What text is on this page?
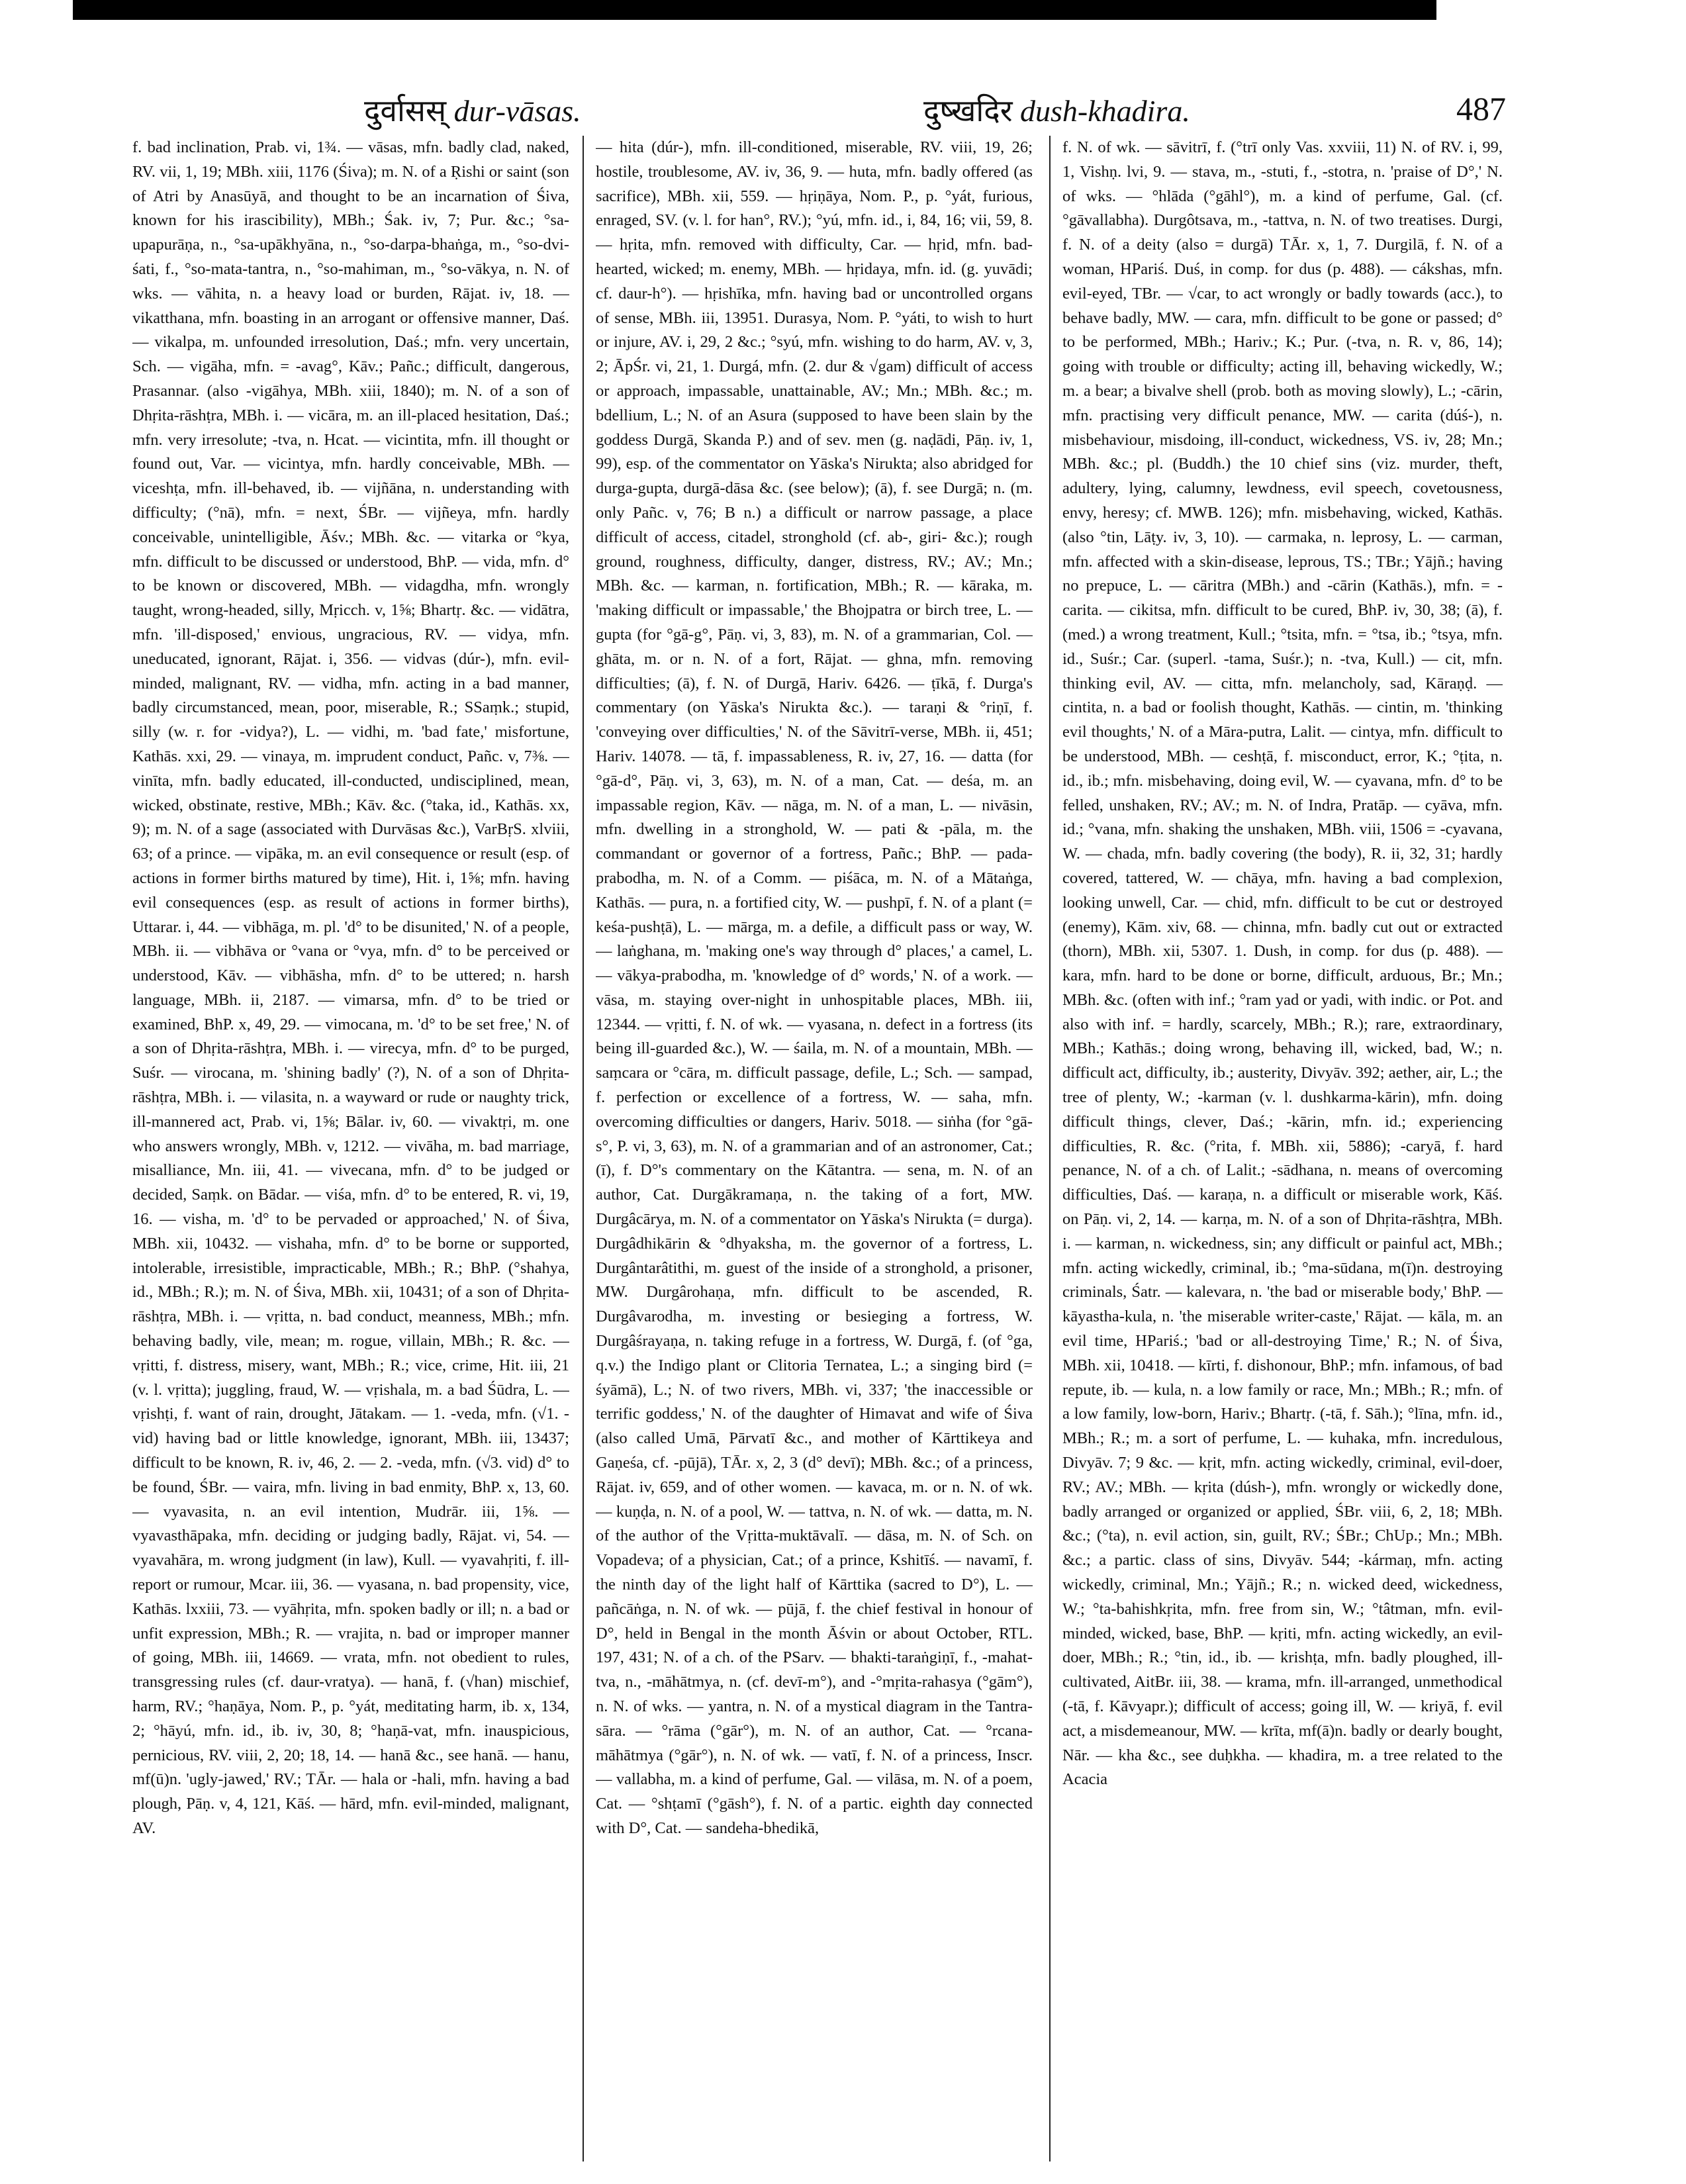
दुर्वासस् dur-vāsas.	दुष्खदिर dush-khadira.	487

f. bad inclination, Prab. vi, 1¾. — vāsas, mfn. badly clad, naked, RV. vii, 1, 19; MBh. xiii, 1176 (Śiva); m. N. of a Ṛishi or saint (son of Atri by Anasūyā, and thought to be an incarnation of Śiva, known for his irascibility), MBh.; Śak. iv, 7; Pur. &c.; °sa-upapurāṇa, n., °sa-upākhyāna, n., °so-darpa-bhaṅga, m., °so-dvi-śati, f., °so-mata-tantra, n., °so-mahiman, m., °so-vākya, n. N. of wks. — vāhita, n. a heavy load or burden, Rājat. iv, 18. — vikatthana, mfn. boasting in an arrogant or offensive manner, Daś. — vikalpa, m. unfounded irresolution, Daś.; mfn. very uncertain, Sch. — vigāha, mfn. = -avag°, Kāv.; Pañc.; difficult, dangerous, Prasannar. (also -vigāhya, MBh. xiii, 1840); m. N. of a son of Dhṛita-rāshṭra, MBh. i. — vicāra, m. an ill-placed hesitation, Daś.; mfn. very irresolute; -tva, n. Hcat. — vicintita, mfn. ill thought or found out, Var. — vicintya, mfn. hardly conceivable, MBh. — viceshṭa, mfn. ill-behaved, ib. — vijñāna, n. understanding with difficulty; (°nā), mfn. = next, ŚBr. — vijñeya, mfn. hardly conceivable, unintelligible, Āśv.; MBh. &c. — vitarka or °kya, mfn. difficult to be discussed or understood, BhP. — vida, mfn. d° to be known or discovered, MBh. — vidagdha, mfn. wrongly taught, wrong-headed, silly, Mṛicch. v, 1⅝; Bhartṛ. &c. — vidātra, mfn. 'ill-disposed,' envious, ungracious, RV. — vidya, mfn. uneducated, ignorant, Rājat. i, 356. — vidvas (dúr-), mfn. evil-minded, malignant, RV. — vidha, mfn. acting in a bad manner, badly circumstanced, mean, poor, miserable, R.; SSaṃk.; stupid, silly (w. r. for -vidya?), L. — vidhi, m. 'bad fate,' misfortune, Kathās. xxi, 29. — vinaya, m. imprudent conduct, Pañc. v, 7⅜. — vinīta, mfn. badly educated, ill-conducted, undisciplined, mean, wicked, obstinate, restive, MBh.; Kāv. &c. (°taka, id., Kathās. xx, 9); m. N. of a sage (associated with Durvāsas &c.), VarBṛS. xlviii, 63; of a prince. — vipāka, m. an evil consequence or result (esp. of actions in former births matured by time), Hit. i, 1⅝; mfn. having evil consequences (esp. as result of actions in former births), Uttarar. i, 44. — vibhāga, m. pl. 'd° to be disunited,' N. of a people, MBh. ii. — vibhāva or °vana or °vya, mfn. d° to be perceived or understood, Kāv. — vibhāsha, mfn. d° to be uttered; n. harsh language, MBh. ii, 2187. — vimarsa, mfn. d° to be tried or examined, BhP. x, 49, 29. — vimocana, m. 'd° to be set free,' N. of a son of Dhṛita-rāshṭra, MBh. i. — virecya, mfn. d° to be purged, Suśr. — virocana, m. 'shining badly' (?), N. of a son of Dhṛita-rāshṭra, MBh. i. — vilasita, n. a wayward or rude or naughty trick, ill-mannered act, Prab. vi, 1⅝; Bālar. iv, 60. — vivaktṛi, m. one who answers wrongly, MBh. v, 1212. — vivāha, m. bad marriage, misalliance, Mn. iii, 41. — vivecana, mfn. d° to be judged or decided, Saṃk. on Bādar. — viśa, mfn. d° to be entered, R. vi, 19, 16. — visha, m. 'd° to be pervaded or approached,' N. of Śiva, MBh. xii, 10432. — vishaha, mfn. d° to be borne or supported, intolerable, irresistible, impracticable, MBh.; R.; BhP. (°shahya, id., MBh.; R.); m. N. of Śiva, MBh. xii, 10431; of a son of Dhṛita-rāshṭra, MBh. i. — vṛitta, n. bad conduct, meanness, MBh.; mfn. behaving badly, vile, mean; m. rogue, villain, MBh.; R. &c. — vṛitti, f. distress, misery, want, MBh.; R.; vice, crime, Hit. iii, 21 (v. l. vṛitta); juggling, fraud, W. — vṛishala, m. a bad Śūdra, L. — vṛishṭi, f. want of rain, drought, Jātakam. — 1. -veda, mfn. (√1. -vid) having bad or little knowledge, ignorant, MBh. iii, 13437; difficult to be known, R. iv, 46, 2. — 2. -veda, mfn. (√3. vid) d° to be found, ŚBr. — vaira, mfn. living in bad enmity, BhP. x, 13, 60. — vyavasita, n. an evil intention, Mudrār. iii, 1⅝. — vyavasthāpaka, mfn. deciding or judging badly, Rājat. vi, 54. — vyavahāra, m. wrong judgment (in law), Kull. — vyavahṛiti, f. ill-report or rumour, Mcar. iii, 36. — vyasana, n. bad propensity, vice, Kathās. lxxiii, 73. — vyāhṛita, mfn. spoken badly or ill; n. a bad or unfit expression, MBh.; R. — vrajita, n. bad or improper manner of going, MBh. iii, 14669. — vrata, mfn. not obedient to rules, transgressing rules (cf. daur-vratya). — hanā, f. (√han) mischief, harm, RV.; °haṇāya, Nom. P., p. °yát, meditating harm, ib. x, 134, 2; °hāyú, mfn. id., ib. iv, 30, 8; °haṇā-vat, mfn. inauspicious, pernicious, RV. viii, 2, 20; 18, 14. — hanā &c., see hanā. — hanu, mf(ū)n. 'ugly-jawed,' RV.; TĀr. — hala or -hali, mfn. having a bad plough, Pāṇ. v, 4, 121, Kāś. — hārd, mfn. evil-minded, malignant, AV.

— hita (dúr-), mfn. ill-conditioned, miserable, RV. viii, 19, 26; hostile, troublesome, AV. iv, 36, 9. — huta, mfn. badly offered (as sacrifice), MBh. xii, 559. — hṛiṇāya, Nom. P., p. °yát, furious, enraged, SV. (v. l. for han°, RV.); °yú, mfn. id., i, 84, 16; vii, 59, 8. — hṛita, mfn. removed with difficulty, Car. — hṛid, mfn. bad-hearted, wicked; m. enemy, MBh. — hṛidaya, mfn. id. (g. yuvādi; cf. daur-h°). — hṛishīka, mfn. having bad or uncontrolled organs of sense, MBh. iii, 13951. Durasya, Nom. P. °yáti, to wish to hurt or injure, AV. i, 29, 2 &c.; °syú, mfn. wishing to do harm, AV. v, 3, 2; ĀpŚr. vi, 21, 1. Durgá, mfn. (2. dur & √gam) difficult of access or approach, impassable, unattainable, AV.; Mn.; MBh. &c.; m. bdellium, L.; N. of an Asura (supposed to have been slain by the goddess Durgā, Skanda P.) and of sev. men (g. naḍādi, Pāṇ. iv, 1, 99), esp. of the commentator on Yāska's Nirukta; also abridged for durga-gupta, durgā-dāsa &c. (see below); (ā), f. see Durgā; n. (m. only Pañc. v, 76; B n.) a difficult or narrow passage, a place difficult of access, citadel, stronghold (cf. ab-, giri- &c.); rough ground, roughness, difficulty, danger, distress, RV.; AV.; Mn.; MBh. &c. — karman, n. fortification, MBh.; R. — kāraka, m. 'making difficult or impassable,' the Bhojpatra or birch tree, L. — gupta (for °gā-g°, Pāṇ. vi, 3, 83), m. N. of a grammarian, Col. — ghāta, m. or n. N. of a fort, Rājat. — ghna, mfn. removing difficulties; (ā), f. N. of Durgā, Hariv. 6426. — ṭīkā, f. Durga's commentary (on Yāska's Nirukta &c.). — taraṇi & °riṇī, f. 'conveying over difficulties,' N. of the Sāvitrī-verse, MBh. ii, 451; Hariv. 14078. — tā, f. impassableness, R. iv, 27, 16. — datta (for °gā-d°, Pāṇ. vi, 3, 63), m. N. of a man, Cat. — deśa, m. an impassable region, Kāv. — nāga, m. N. of a man, L. — nivāsin, mfn. dwelling in a stronghold, W. — pati & -pāla, m. the commandant or governor of a fortress, Pañc.; BhP. — pada-prabodha, m. N. of a Comm. — piśāca, m. N. of a Mātaṅga, Kathās. — pura, n. a fortified city, W. — pushpī, f. N. of a plant (= keśa-pushṭā), L. — mārga, m. a defile, a difficult pass or way, W. — laṅghana, m. 'making one's way through d° places,' a camel, L. — vākya-prabodha, m. 'knowledge of d° words,' N. of a work. — vāsa, m. staying over-night in unhospitable places, MBh. iii, 12344. — vṛitti, f. N. of wk. — vyasana, n. defect in a fortress (its being ill-guarded &c.), W. — śaila, m. N. of a mountain, MBh. — saṃcara or °cāra, m. difficult passage, defile, L.; Sch. — sampad, f. perfection or excellence of a fortress, W. — saha, mfn. overcoming difficulties or dangers, Hariv. 5018. — siṅha (for °gā-s°, P. vi, 3, 63), m. N. of a grammarian and of an astronomer, Cat.; (ī), f. D°'s commentary on the Kātantra. — sena, m. N. of an author, Cat. Durgākramaṇa, n. the taking of a fort, MW. Durgâcārya, m. N. of a commentator on Yāska's Nirukta (= durga). Durgâdhikārin & °dhyaksha, m. the governor of a fortress, L. Durgântarâtithi, m. guest of the inside of a stronghold, a prisoner, MW. Durgârohaṇa, mfn. difficult to be ascended, R. Durgâvarodha, m. investing or besieging a fortress, W. Durgâśrayaṇa, n. taking refuge in a fortress, W. Durgā, f. (of °ga, q.v.) the Indigo plant or Clitoria Ternatea, L.; a singing bird (= śyāmā), L.; N. of two rivers, MBh. vi, 337; 'the inaccessible or terrific goddess,' N. of the daughter of Himavat and wife of Śiva (also called Umā, Pārvatī &c., and mother of Kārttikeya and Gaṇeśa, cf. -pūjā), TĀr. x, 2, 3 (d° devī); MBh. &c.; of a princess, Rājat. iv, 659, and of other women. — kavaca, m. or n. N. of wk. — kuṇḍa, n. N. of a pool, W. — tattva, n. N. of wk. — datta, m. N. of the author of the Vṛitta-muktāvalī. — dāsa, m. N. of Sch. on Vopadeva; of a physician, Cat.; of a prince, Kshitīś. — navamī, f. the ninth day of the light half of Kārttika (sacred to D°), L. — pañcāṅga, n. N. of wk. — pūjā, f. the chief festival in honour of D°, held in Bengal in the month Āśvin or about October, RTL. 197, 431; N. of a ch. of the PSarv. — bhakti-taraṅgiṇī, f., -mahat-tva, n., -māhātmya, n. (cf. devī-m°), and -°mṛita-rahasya (°gām°), n. N. of wks. — yantra, n. N. of a mystical diagram in the Tantra-sāra. — °rāma (°gār°), m. N. of an author, Cat. — °rcana-māhātmya (°gār°), n. N. of wk. — vatī, f. N. of a princess, Inscr. — vallabha, m. a kind of perfume, Gal. — vilāsa, m. N. of a poem, Cat. — °shṭamī (°gāsh°), f. N. of a partic. eighth day connected with D°, Cat. — sandeha-bhedikā,

f. N. of wk. — sāvitrī, f. (°trī only Vas. xxviii, 11) N. of RV. i, 99, 1, Vishṇ. lvi, 9. — stava, m., -stuti, f., -stotra, n. 'praise of D°,' N. of wks. — °hlāda (°gāhl°), m. a kind of perfume, Gal. (cf. °gāvallabha). Durgôtsava, m., -tattva, n. N. of two treatises. Durgi, f. N. of a deity (also = durgā) TĀr. x, 1, 7. Durgilā, f. N. of a woman, HPariś. Duś, in comp. for dus (p. 488). — cákshas, mfn. evil-eyed, TBr. — √car, to act wrongly or badly towards (acc.), to behave badly, MW. — cara, mfn. difficult to be gone or passed; d° to be performed, MBh.; Hariv.; K.; Pur. (-tva, n. R. v, 86, 14); going with trouble or difficulty; acting ill, behaving wickedly, W.; m. a bear; a bivalve shell (prob. both as moving slowly), L.; -cārin, mfn. practising very difficult penance, MW. — carita (dúś-), n. misbehaviour, misdoing, ill-conduct, wickedness, VS. iv, 28; Mn.; MBh. &c.; pl. (Buddh.) the 10 chief sins (viz. murder, theft, adultery, lying, calumny, lewdness, evil speech, covetousness, envy, heresy; cf. MWB. 126); mfn. misbehaving, wicked, Kathās. (also °tin, Lāṭy. iv, 3, 10). — carmaka, n. leprosy, L. — carman, mfn. affected with a skin-disease, leprous, TS.; TBr.; Yājñ.; having no prepuce, L. — cāritra (MBh.) and -cārin (Kathās.), mfn. = -carita. — cikitsa, mfn. difficult to be cured, BhP. iv, 30, 38; (ā), f. (med.) a wrong treatment, Kull.; °tsita, mfn. = °tsa, ib.; °tsya, mfn. id., Suśr.; Car. (superl. -tama, Suśr.); n. -tva, Kull.) — cit, mfn. thinking evil, AV. — citta, mfn. melancholy, sad, Kāraṇḍ. — cintita, n. a bad or foolish thought, Kathās. — cintin, m. 'thinking evil thoughts,' N. of a Māra-putra, Lalit. — cintya, mfn. difficult to be understood, MBh. — ceshṭā, f. misconduct, error, K.; °ṭita, n. id., ib.; mfn. misbehaving, doing evil, W. — cyavana, mfn. d° to be felled, unshaken, RV.; AV.; m. N. of Indra, Pratāp. — cyāva, mfn. id.; °vana, mfn. shaking the unshaken, MBh. viii, 1506 = -cyavana, W. — chada, mfn. badly covering (the body), R. ii, 32, 31; hardly covered, tattered, W. — chāya, mfn. having a bad complexion, looking unwell, Car. — chid, mfn. difficult to be cut or destroyed (enemy), Kām. xiv, 68. — chinna, mfn. badly cut out or extracted (thorn), MBh. xii, 5307. 1. Dush, in comp. for dus (p. 488). — kara, mfn. hard to be done or borne, difficult, arduous, Br.; Mn.; MBh. &c. (often with inf.; °ram yad or yadi, with indic. or Pot. and also with inf. = hardly, scarcely, MBh.; R.); rare, extraordinary, MBh.; Kathās.; doing wrong, behaving ill, wicked, bad, W.; n. difficult act, difficulty, ib.; austerity, Divyāv. 392; aether, air, L.; the tree of plenty, W.; -karman (v. l. dushkarma-kārin), mfn. doing difficult things, clever, Daś.; -kārin, mfn. id.; experiencing difficulties, R. &c. (°rita, f. MBh. xii, 5886); -caryā, f. hard penance, N. of a ch. of Lalit.; -sādhana, n. means of overcoming difficulties, Daś. — karaṇa, n. a difficult or miserable work, Kāś. on Pāṇ. vi, 2, 14. — karṇa, m. N. of a son of Dhṛita-rāshṭra, MBh. i. — karman, n. wickedness, sin; any difficult or painful act, MBh.; mfn. acting wickedly, criminal, ib.; °ma-sūdana, m(ī)n. destroying criminals, Śatr. — kalevara, n. 'the bad or miserable body,' BhP. — kāyastha-kula, n. 'the miserable writer-caste,' Rājat. — kāla, m. an evil time, HPariś.; 'bad or all-destroying Time,' R.; N. of Śiva, MBh. xii, 10418. — kīrti, f. dishonour, BhP.; mfn. infamous, of bad repute, ib. — kula, n. a low family or race, Mn.; MBh.; R.; mfn. of a low family, low-born, Hariv.; Bhartṛ. (-tā, f. Sāh.); °līna, mfn. id., MBh.; R.; m. a sort of perfume, L. — kuhaka, mfn. incredulous, Divyāv. 7; 9 &c. — kṛit, mfn. acting wickedly, criminal, evil-doer, RV.; AV.; MBh. — kṛita (dúsh-), mfn. wrongly or wickedly done, badly arranged or organized or applied, ŚBr. viii, 6, 2, 18; MBh. &c.; (°ta), n. evil action, sin, guilt, RV.; ŚBr.; ChUp.; Mn.; MBh. &c.; a partic. class of sins, Divyāv. 544; -kármaṇ, mfn. acting wickedly, criminal, Mn.; Yājñ.; R.; n. wicked deed, wickedness, W.; °ta-bahishkṛita, mfn. free from sin, W.; °tâtman, mfn. evil-minded, wicked, base, BhP. — kṛiti, mfn. acting wickedly, an evil-doer, MBh.; R.; °tin, id., ib. — krishṭa, mfn. badly ploughed, ill-cultivated, AitBr. iii, 38. — krama, mfn. ill-arranged, unmethodical (-tā, f. Kāvyapr.); difficult of access; going ill, W. — kriyā, f. evil act, a misdemeanour, MW. — krīta, mf(ā)n. badly or dearly bought, Nār. — kha &c., see duḥkha. — khadira, m. a tree related to the Acacia
